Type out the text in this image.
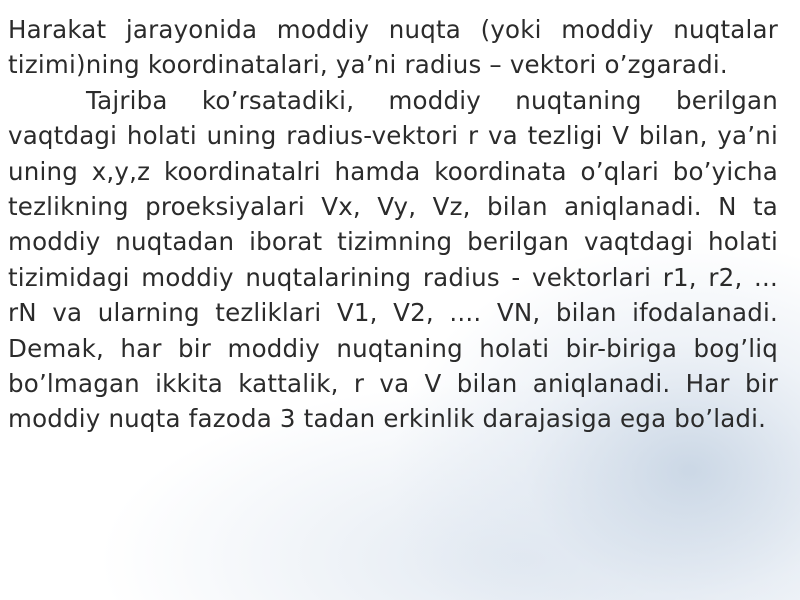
Harakat jarayonida moddiy nuqta (yoki moddiy nuqtalar tizimi)ning koordinatalari, ya’ni radius – vektori o’zgaradi.

Tajriba ko’rsatadiki, moddiy nuqtaning berilgan vaqtdagi holati uning radius-vektori r va tezligi V bilan, ya’ni uning x,y,z koordinatalri hamda koordinata o’qlari bo’yicha tezlikning proeksiyalari Vx, Vy, Vz, bilan aniqlanadi. N ta moddiy nuqtadan iborat tizimning berilgan vaqtdagi holati tizimidagi moddiy nuqtalarining radius - vektorlari r1, r2, ... rN va ularning tezliklari V1, V2, .... VN, bilan ifodalanadi. Demak, har bir moddiy nuqtaning holati bir-biriga bog’liq bo’lmagan ikkita kattalik, r va V bilan aniqlanadi. Har bir moddiy nuqta fazoda 3 tadan erkinlik darajasiga ega bo’ladi.
